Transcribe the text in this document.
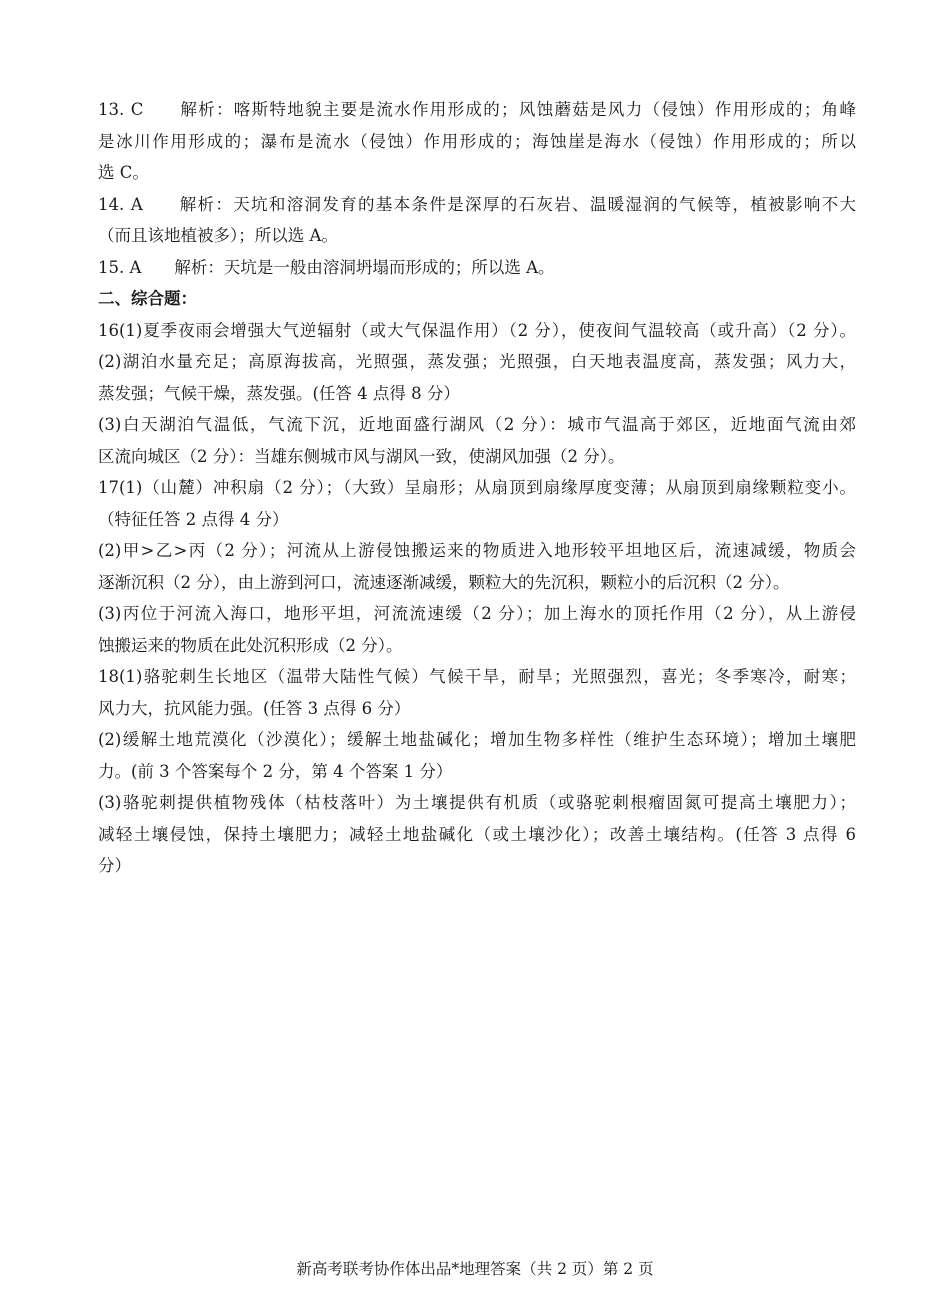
13. C　　解析：喀斯特地貌主要是流水作用形成的；风蚀蘑菇是风力（侵蚀）作用形成的；角峰
是冰川作用形成的；瀑布是流水（侵蚀）作用形成的；海蚀崖是海水（侵蚀）作用形成的；所以
选 C。
14. A　　解析：天坑和溶洞发育的基本条件是深厚的石灰岩、温暖湿润的气候等，植被影响不大
（而且该地植被多）；所以选 A。
15. A　　解析：天坑是一般由溶洞坍塌而形成的；所以选 A。
二、综合题：
16(1)夏季夜雨会增强大气逆辐射（或大气保温作用）（2 分），使夜间气温较高（或升高）（2 分）。
(2)湖泊水量充足；高原海拔高，光照强，蒸发强；光照强，白天地表温度高，蒸发强；风力大，
蒸发强；气候干燥，蒸发强。(任答 4 点得 8 分）
(3)白天湖泊气温低，气流下沉，近地面盛行湖风（2 分）：城市气温高于郊区，近地面气流由郊
区流向城区（2 分）：当雄东侧城市风与湖风一致，使湖风加强（2 分）。
17(1)（山麓）冲积扇（2 分）；（大致）呈扇形；从扇顶到扇缘厚度变薄；从扇顶到扇缘颗粒变小。
（特征任答 2 点得 4 分）
(2)甲>乙>丙（2 分）；河流从上游侵蚀搬运来的物质进入地形较平坦地区后，流速减缓，物质会
逐渐沉积（2 分），由上游到河口，流速逐渐减缓，颗粒大的先沉积，颗粒小的后沉积（2 分）。
(3)丙位于河流入海口，地形平坦，河流流速缓（2 分）；加上海水的顶托作用（2 分），从上游侵
蚀搬运来的物质在此处沉积形成（2 分）。
18(1)骆驼刺生长地区（温带大陆性气候）气候干旱，耐旱；光照强烈，喜光；冬季寒冷，耐寒；
风力大，抗风能力强。(任答 3 点得 6 分）
(2)缓解土地荒漠化（沙漠化）；缓解土地盐碱化；增加生物多样性（维护生态环境）；增加土壤肥
力。(前 3 个答案每个 2 分，第 4 个答案 1 分）
(3)骆驼刺提供植物残体（枯枝落叶）为土壤提供有机质（或骆驼刺根瘤固氮可提高土壤肥力）；
减轻土壤侵蚀，保持土壤肥力；减轻土地盐碱化（或土壤沙化）；改善土壤结构。(任答 3 点得 6
分）
新高考联考协作体出品*地理答案（共 2 页）第 2 页
